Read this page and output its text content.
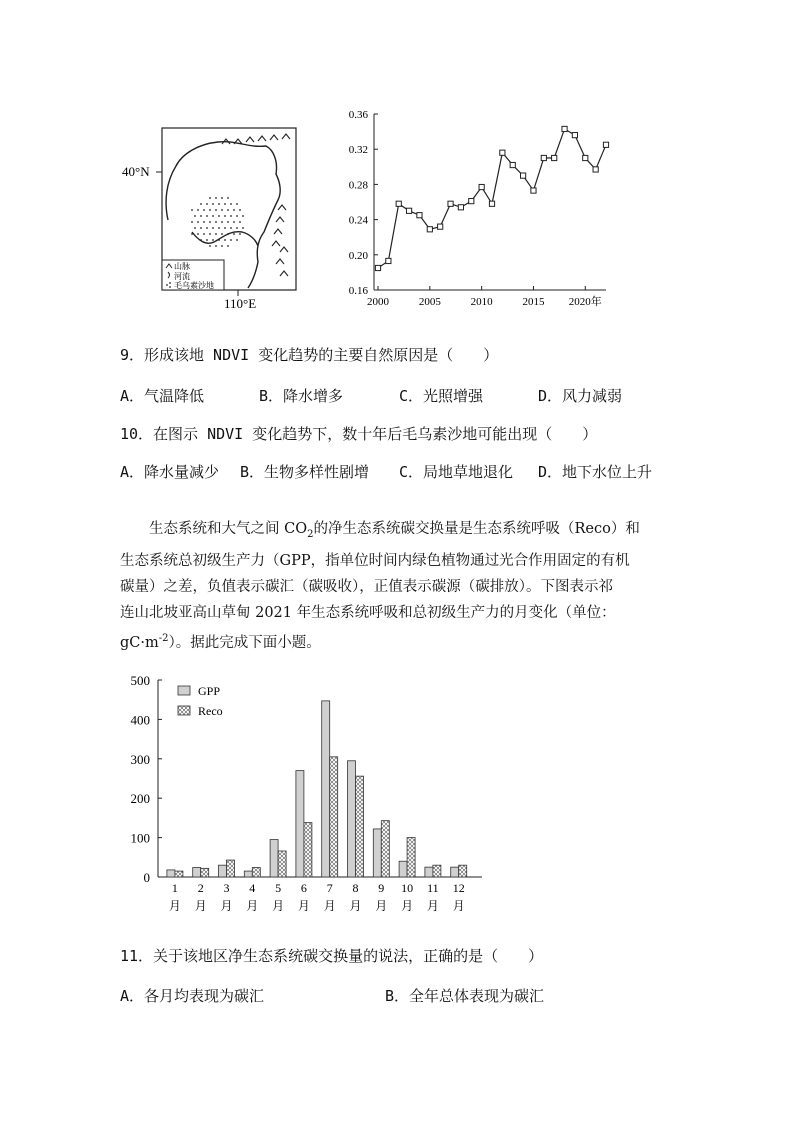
40°N
山脉
河流
毛乌素沙地
110°E
0.36
0.32
0.28
0.24
0.20
0.16
2000	2005	2010	2015 2020年
9．形成该地 NDVI 变化趋势的主要自然原因是（　　）
A．气温降低	B．降水增多	C．光照增强	D．风力减弱
10．在图示 NDVI 变化趋势下，数十年后毛乌素沙地可能出现（　　）
A．降水量减少 B．生物多样性剧增 C．局地草地退化 D．地下水位上升
生态系统和大气之间 $CO_2$的净生态系统碳交换量是生态系统呼吸（Reco）和
生态系统总初级生产力（GPP，指单位时间内绿色植物通过光合作用固定的有机
碳量）之差，负值表示碳汇（碳吸收），正值表示碳源（碳排放）。下图表示祁
连山北坡亚高山草甸 2021 年生态系统呼吸和总初级生产力的月变化（单位：
$gC\cdot m^{-2}$）。据此完成下面小题。
500
400
300
200
100
0
1
月
2
月
3
月
4
月
5
月
6
月
7
月
8
月
9
月
10
月
11
月
12
月
GPP
Reco
11．关于该地区净生态系统碳交换量的说法，正确的是（　　）
A．各月均表现为碳汇	B．全年总体表现为碳汇
